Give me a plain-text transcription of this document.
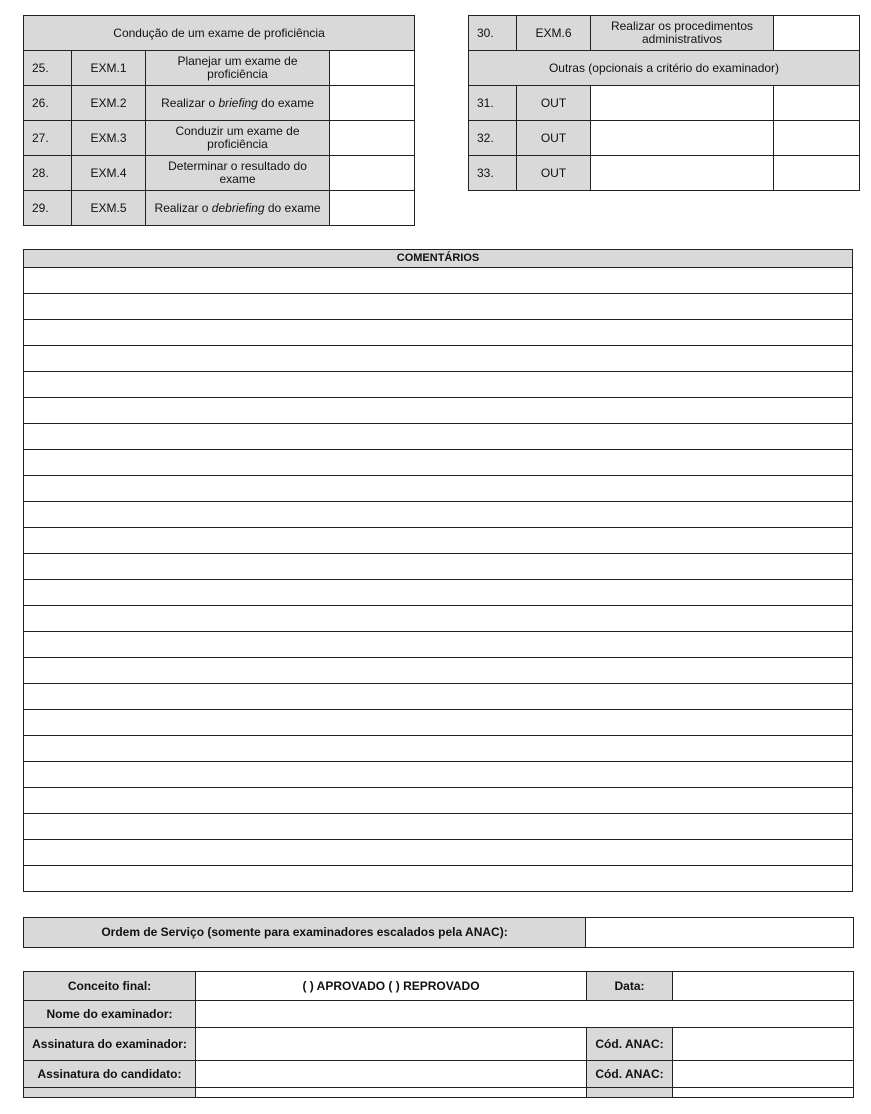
Condução de um exame de proficiência			
25.	EXM.1	Planejar um exame de proficiência	
26.	EXM.2	Realizar o briefing do exame	
27.	EXM.3	Conduzir um exame de proficiência	
28.	EXM.4	Determinar o resultado do exame	
29.	EXM.5	Realizar o debriefing do exame	
30.	EXM.6	Realizar os procedimentos administrativos	
Outras (opcionais a critério do examinador)			
31.	OUT		
32.	OUT		
33.	OUT		
COMENTÁRIOS

Ordem de Serviço (somente para examinadores escalados pela ANAC):	
Conceito final:	( ) APROVADO ( ) REPROVADO	Data:	
Nome do examinador:			
Assinatura do examinador:		Cód. ANAC:	
Assinatura do candidato:		Cód. ANAC:	
